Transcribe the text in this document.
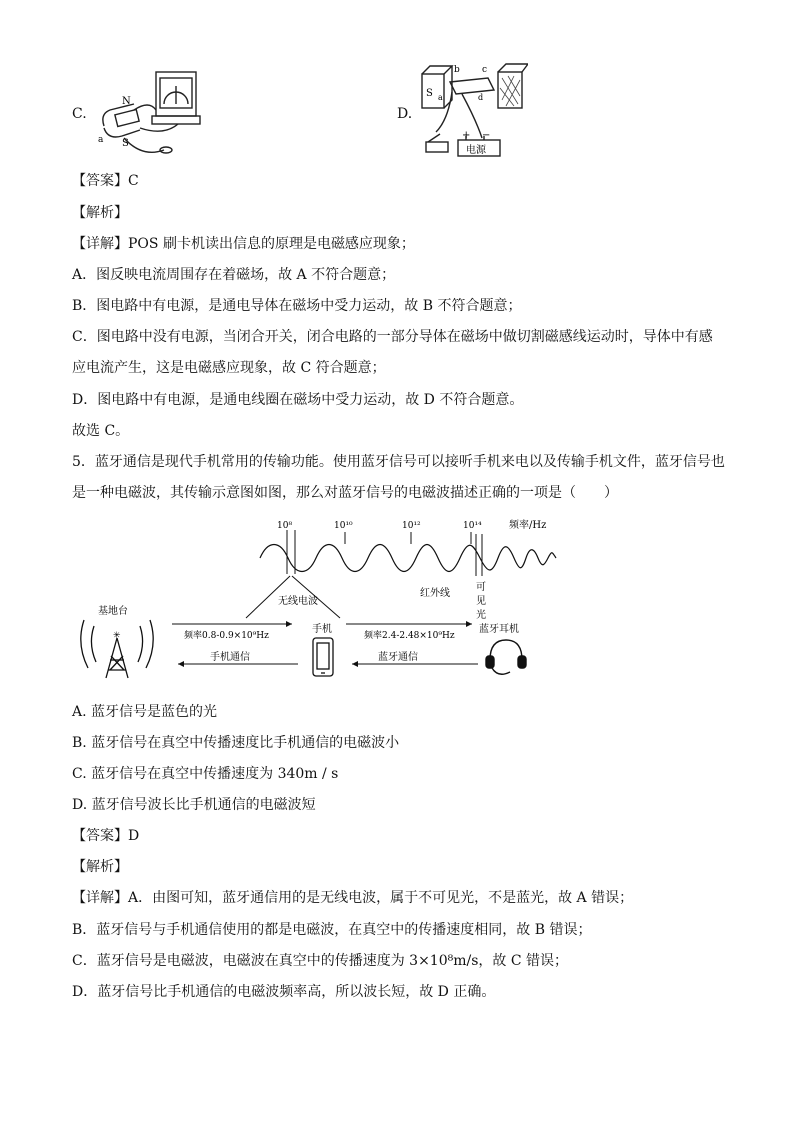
C.
N
S
a
D.
S a
b c
d
+ −
电源
【答案】C
【解析】
【详解】POS 刷卡机读出信息的原理是电磁感应现象；
A．图反映电流周围存在着磁场，故 A 不符合题意；
B．图电路中有电源，是通电导体在磁场中受力运动，故 B 不符合题意；
C．图电路中没有电源，当闭合开关，闭合电路的一部分导体在磁场中做切割磁感线运动时，导体中有感
应电流产生，这是电磁感应现象，故 C 符合题意；
D．图电路中有电源，是通电线圈在磁场中受力运动，故 D 不符合题意。
故选 C。
5．蓝牙通信是现代手机常用的传输功能。使用蓝牙信号可以接听手机来电以及传输手机文件，蓝牙信号也
是一种电磁波，其传输示意图如图，那么对蓝牙信号的电磁波描述正确的一项是（　　）
10⁸	10¹⁰	10¹²	10¹⁴	频率/Hz
红外线
可
见
光
无线电波
频率0.8-0.9×10⁹Hz	频率2.4-2.48×10⁹Hz
手机通信	蓝牙通信
基地台
✳
手机	蓝牙耳机
A. 蓝牙信号是蓝色的光
B. 蓝牙信号在真空中传播速度比手机通信的电磁波小
C. 蓝牙信号在真空中传播速度为 340m / s
D. 蓝牙信号波长比手机通信的电磁波短
【答案】D
【解析】
【详解】A．由图可知，蓝牙通信用的是无线电波，属于不可见光，不是蓝光，故 A 错误；
B．蓝牙信号与手机通信使用的都是电磁波，在真空中的传播速度相同，故 B 错误；
C．蓝牙信号是电磁波，电磁波在真空中的传播速度为 3×10⁸m/s，故 C 错误；
D．蓝牙信号比手机通信的电磁波频率高，所以波长短，故 D 正确。
